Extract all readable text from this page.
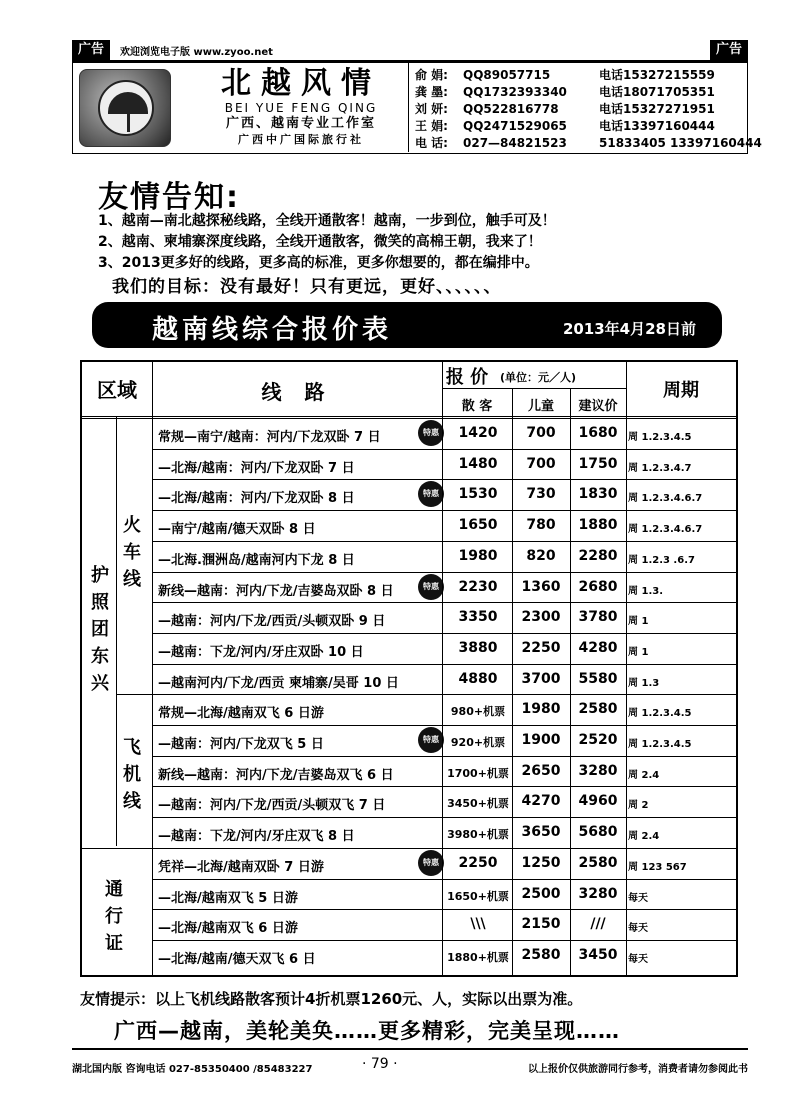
广告	欢迎浏览电子版 www.zyoo.net	广告
北越风情
BEI YUE FENG QING
广西、越南专业工作室
广西中广国际旅行社
俞 娟: QQ89057715	电话15327215559
龚 墨: QQ1732393340	电话18071705351
刘 妍: QQ522816778	电话15327271951
王 娟: QQ2471529065	电话13397160444
电 话: 027—84821523	51833405 13397160444
友情告知:
1、越南—南北越探秘线路，全线开通散客！越南，一步到位，触手可及！
2、越南、柬埔寨深度线路，全线开通散客，微笑的高棉王朝，我来了！
3、2013更多好的线路，更多高的标准，更多你想要的，都在编排中。
我们的目标：没有最好！只有更远，更好、、、、、、
越南线综合报价表	2013年4月28日前
区域	线 路
报 价	(单位：元／人)
散 客	儿童	建议价
周期
护照团东兴
火车线
飞机线
通行证
常规—南宁/越南：河内/下龙双卧 7 日	1420	700	1680	周 1.2.3.4.5
特惠
—北海/越南：河内/下龙双卧 7 日	1480	700	1750	周 1.2.3.4.7
—北海/越南：河内/下龙双卧 8 日	1530	730	1830	周 1.2.3.4.6.7
特惠
—南宁/越南/德天双卧 8 日	1650	780	1880	周 1.2.3.4.6.7
—北海.涠洲岛/越南河内下龙 8 日	1980	820	2280	周 1.2.3 .6.7
新线—越南：河内/下龙/吉婆岛双卧 8 日	2230	1360	2680	周 1.3.
特惠
—越南：河内/下龙/西贡/头顿双卧 9 日	3350	2300	3780	周 1
—越南：下龙/河内/牙庄双卧 10 日	3880	2250	4280	周 1
—越南河内/下龙/西贡 柬埔寨/吴哥 10 日	4880	3700	5580	周 1.3
常规—北海/越南双飞 6 日游	980+机票	1980	2580	周 1.2.3.4.5
—越南：河内/下龙双飞 5 日	920+机票	1900	2520	周 1.2.3.4.5
特惠
新线—越南：河内/下龙/吉婆岛双飞 6 日	1700+机票 2650	3280	周 2.4
—越南：河内/下龙/西贡/头顿双飞 7 日	3450+机票 4270	4960	周 2
—越南：下龙/河内/牙庄双飞 8 日	3980+机票 3650	5680	周 2.4
凭祥—北海/越南双卧 7 日游	2250	1250	2580	周 123 567
特惠
—北海/越南双飞 5 日游	1650+机票 2500	3280	每天
—北海/越南双飞 6 日游	\\\	2150	///	每天
—北海/越南/德天双飞 6 日	1880+机票 2580	3450	每天
友情提示：以上飞机线路散客预计4折机票1260元、人，实际以出票为准。
广西—越南，美轮美奂……更多精彩，完美呈现……
湖北国内版 咨询电话 027-85350400 /85483227	· 79 ·	以上报价仅供旅游同行参考，消费者请勿参阅此书
